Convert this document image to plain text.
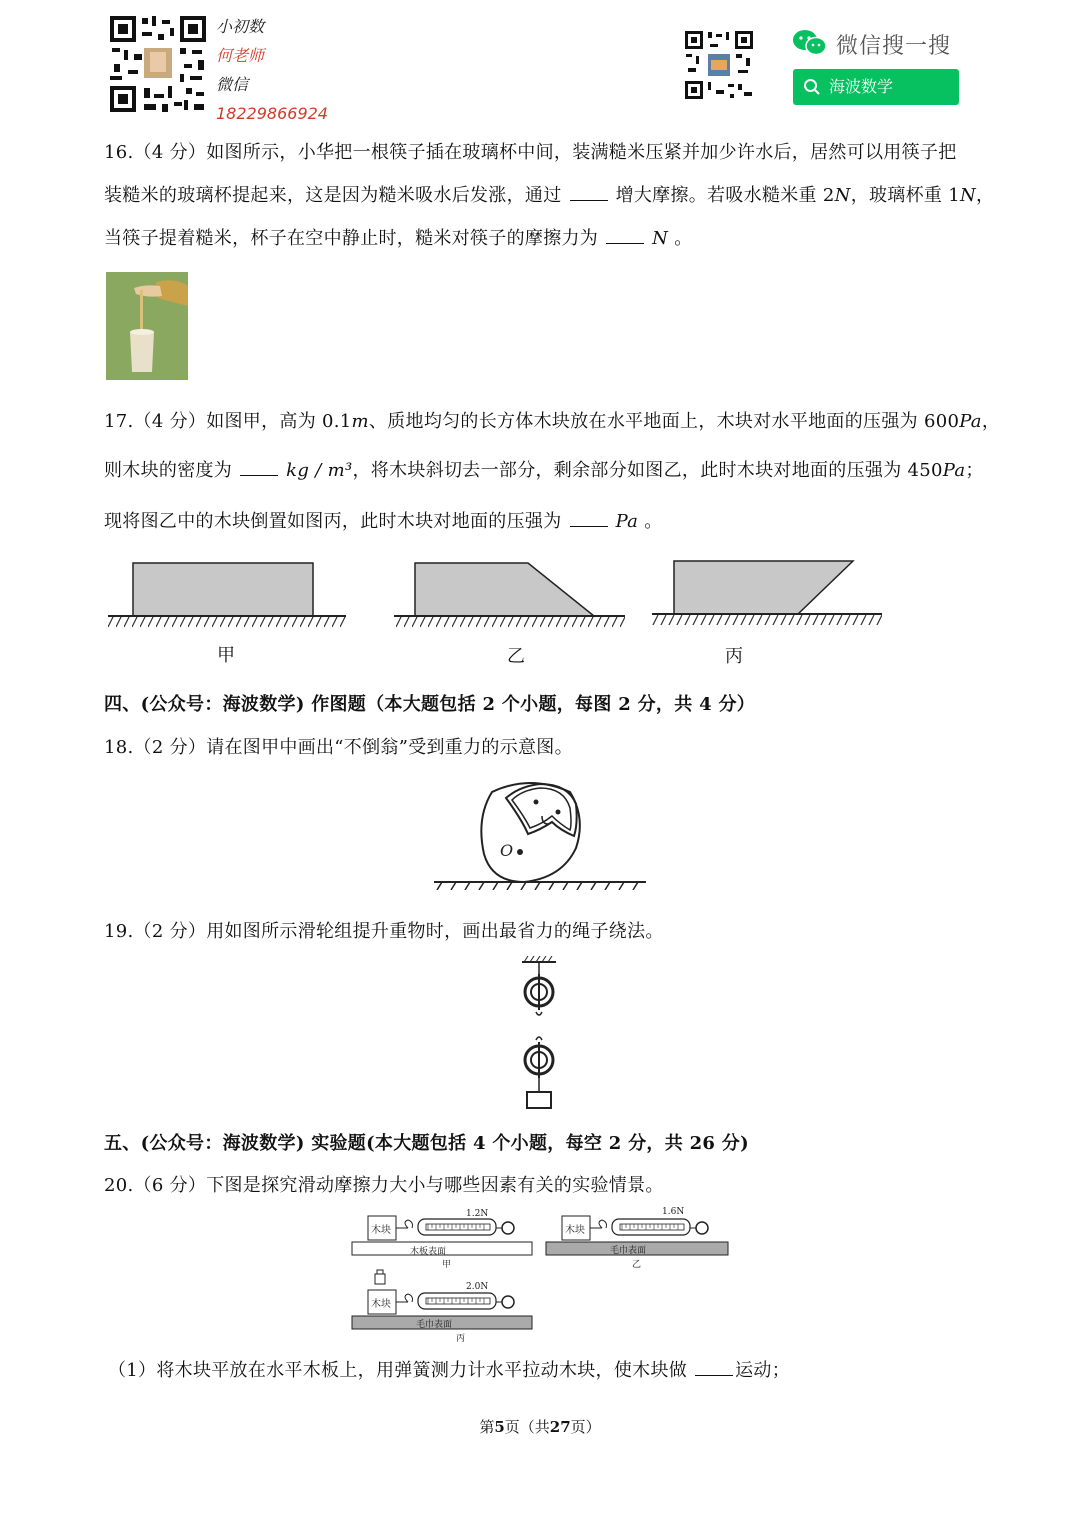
小初数
何老师
微信
18229866924
微信搜一搜
海波数学
16.（4 分）如图所示，小华把一根筷子插在玻璃杯中间，装满糙米压紧并加少许水后，居然可以用筷子把
装糙米的玻璃杯提起来，这是因为糙米吸水后发涨，通过	增大摩擦。若吸水糙米重 2N，玻璃杯重 1N，
当筷子提着糙米，杯子在空中静止时，糙米对筷子的摩擦力为	N 。
17.（4 分）如图甲，高为 0.1m、质地均匀的长方体木块放在水平地面上，木块对水平地面的压强为 600Pa，
则木块的密度为	kg / m³，将木块斜切去一部分，剩余部分如图乙，此时木块对地面的压强为 450Pa；
现将图乙中的木块倒置如图丙，此时木块对地面的压强为	Pa 。
甲	乙	丙
四、(公众号：海波数学) 作图题（本大题包括 2 个小题，每图 2 分，共 4 分）
18.（2 分）请在图甲中画出“不倒翁”受到重力的示意图。
O
19.（2 分）用如图所示滑轮组提升重物时，画出最省力的绳子绕法。
五、(公众号：海波数学) 实验题(本大题包括 4 个小题，每空 2 分，共 26 分)
20.（6 分）下图是探究滑动摩擦力大小与哪些因素有关的实验情景。
木块
1.2N
木板表面
甲
木块
1.6N
毛巾表面
乙
木块
2.0N
毛巾表面
丙
（1）将木块平放在水平木板上，用弹簧测力计水平拉动木块，使木块做	运动；
第5页（共27页）
